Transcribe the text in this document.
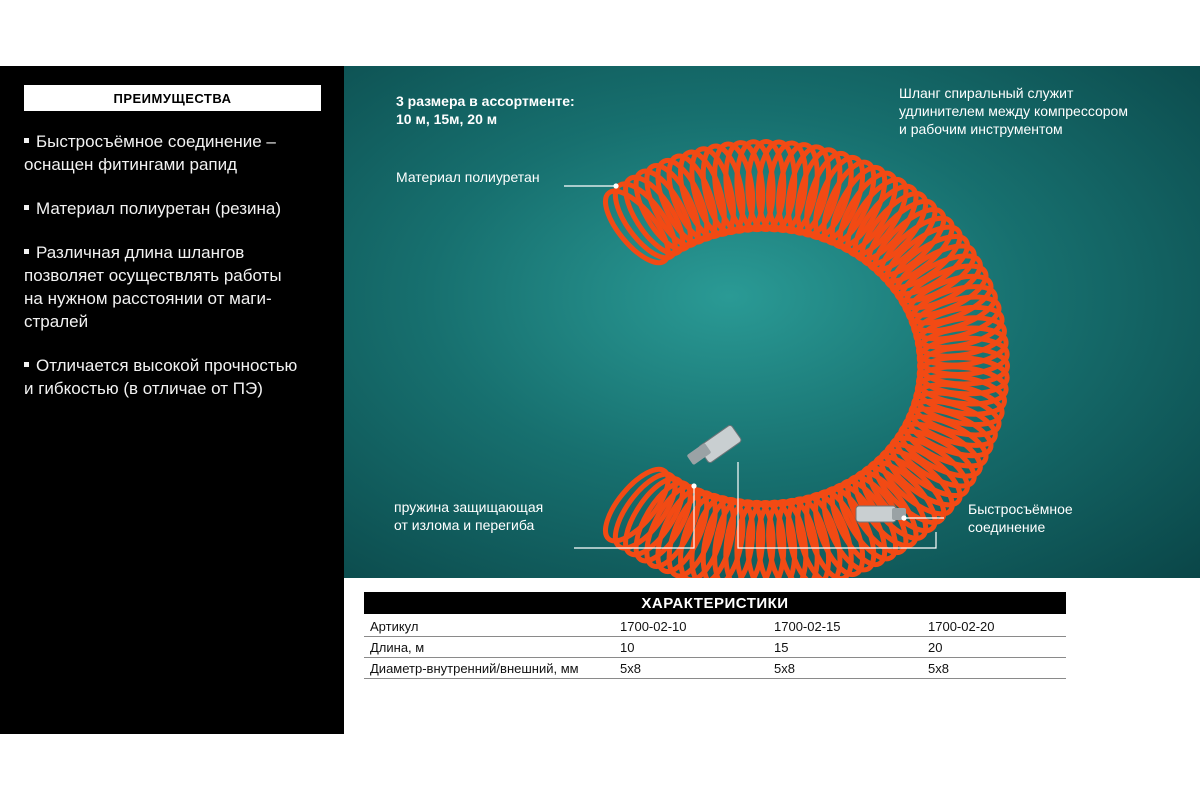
ПРЕИМУЩЕСТВА
Быстросъёмное соединение –
оснащен фитингами рапид
Материал полиуретан (резина)
Различная длина шлангов
позволяет осуществлять работы
на нужном расстоянии от маги-
стралей
Отличается высокой прочностью
и гибкостью (в отличае от ПЭ)
3 размера в ассортменте:
10 м, 15м, 20 м
Шланг спиральный служит
удлинителем между компрессором
и рабочим инструментом
Материал полиуретан
пружина защищающая
от излома и перегиба
Быстросъёмное
соединение
ХАРАКТЕРИСТИКИ
Артикул	1700-02-10	1700-02-15	1700-02-20
Длина, м	10	15	20
Диаметр-внутренний/внешний, мм	5х8	5х8	5х8
